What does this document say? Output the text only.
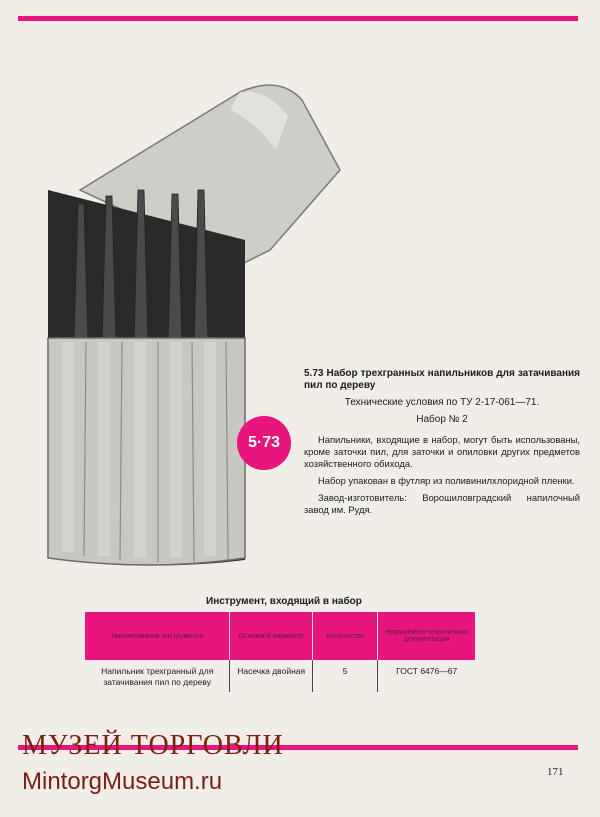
5·73

5.73 Набор трехгранных напильников для затачивания пил по дереву

Технические условия по ТУ 2-17-061—71.

Набор № 2

Напильники, входящие в набор, могут быть использованы, кроме заточки пил, для заточки и опиловки других предметов хозяйственного обихода.

Набор упакован в футляр из поливинилхлоридной пленки.

Завод-изготовитель: Ворошиловградский напилочный завод им. Рудя.

Инструмент, входящий в набор
Наименование инструмента	Основной параметр	Количество	Нормативно-техническая документация
Напильник трехгранный для затачивания пил по дереву	Насечка двойная	5	ГОСТ 6476—67
МУЗЕЙ ТОРГОВЛИ
MintorgMuseum.ru	171
